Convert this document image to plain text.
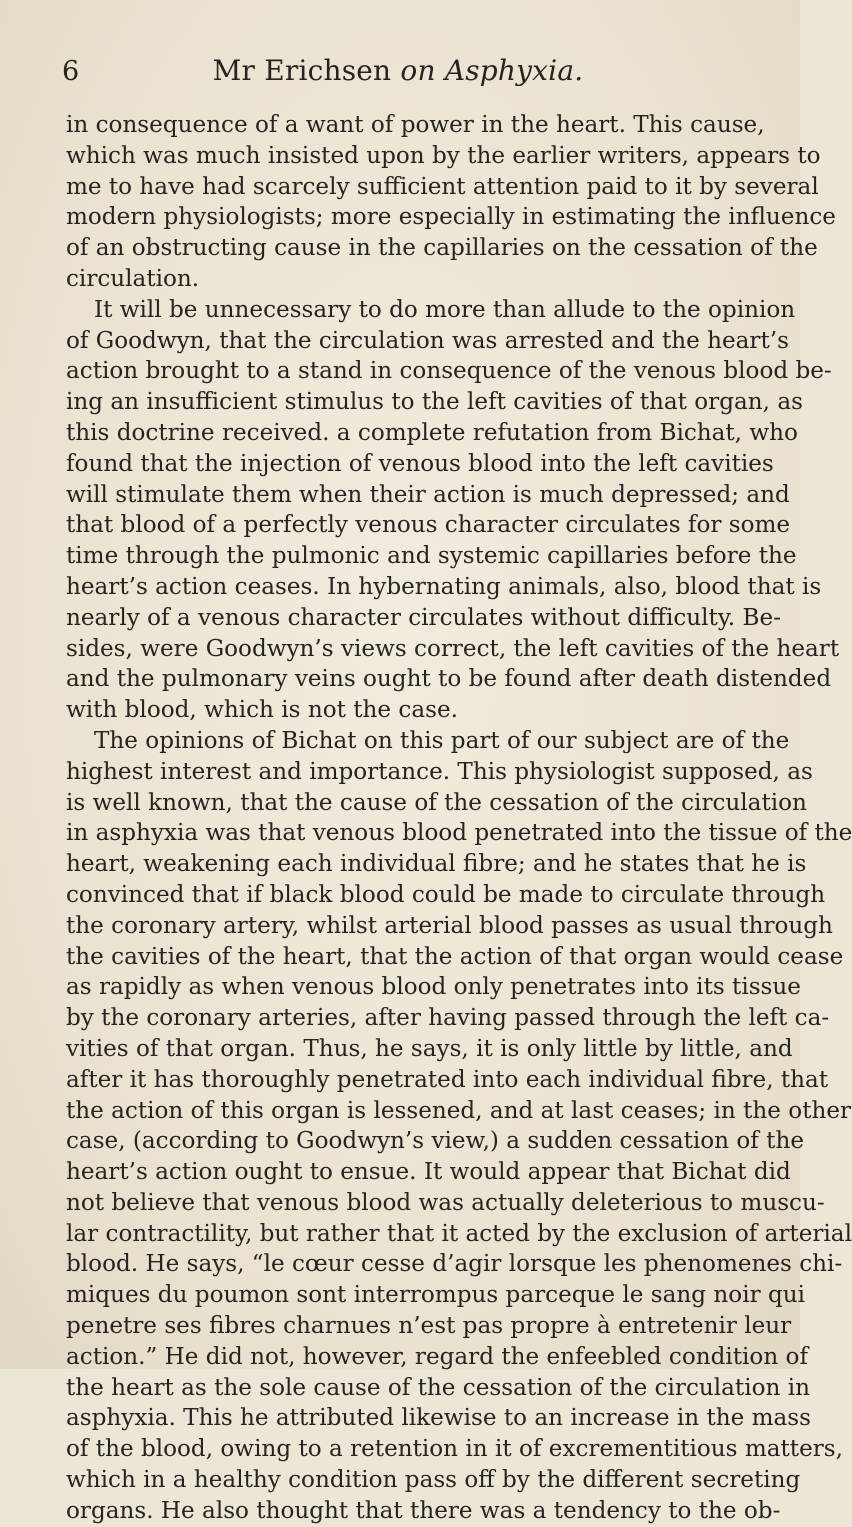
6	Mr Erichsen on Asphyxia.
in consequence of a want of power in the heart. This cause,
which was much insisted upon by the earlier writers, appears to
me to have had scarcely sufficient attention paid to it by several
modern physiologists; more especially in estimating the influence
of an obstructing cause in the capillaries on the cessation of the
circulation.
It will be unnecessary to do more than allude to the opinion
of Goodwyn, that the circulation was arrested and the heart’s
action brought to a stand in consequence of the venous blood be-
ing an insufficient stimulus to the left cavities of that organ, as
this doctrine received. a complete refutation from Bichat, who
found that the injection of venous blood into the left cavities
will stimulate them when their action is much depressed; and
that blood of a perfectly venous character circulates for some
time through the pulmonic and systemic capillaries before the
heart’s action ceases. In hybernating animals, also, blood that is
nearly of a venous character circulates without difficulty. Be-
sides, were Goodwyn’s views correct, the left cavities of the heart
and the pulmonary veins ought to be found after death distended
with blood, which is not the case.
The opinions of Bichat on this part of our subject are of the
highest interest and importance. This physiologist supposed, as
is well known, that the cause of the cessation of the circulation
in asphyxia was that venous blood penetrated into the tissue of the
heart, weakening each individual fibre; and he states that he is
convinced that if black blood could be made to circulate through
the coronary artery, whilst arterial blood passes as usual through
the cavities of the heart, that the action of that organ would cease
as rapidly as when venous blood only penetrates into its tissue
by the coronary arteries, after having passed through the left ca-
vities of that organ. Thus, he says, it is only little by little, and
after it has thoroughly penetrated into each individual fibre, that
the action of this organ is lessened, and at last ceases; in the other
case, (according to Goodwyn’s view,) a sudden cessation of the
heart’s action ought to ensue. It would appear that Bichat did
not believe that venous blood was actually deleterious to muscu-
lar contractility, but rather that it acted by the exclusion of arterial
blood. He says, “le cœur cesse d’agir lorsque les phenomenes chi-
miques du poumon sont interrompus parceque le sang noir qui
penetre ses fibres charnues n’est pas propre à entretenir leur
action.” He did not, however, regard the enfeebled condition of
the heart as the sole cause of the cessation of the circulation in
asphyxia. This he attributed likewise to an increase in the mass
of the blood, owing to a retention in it of excrementitious matters,
which in a healthy condition pass off by the different secreting
organs. He also thought that there was a tendency to the ob-
